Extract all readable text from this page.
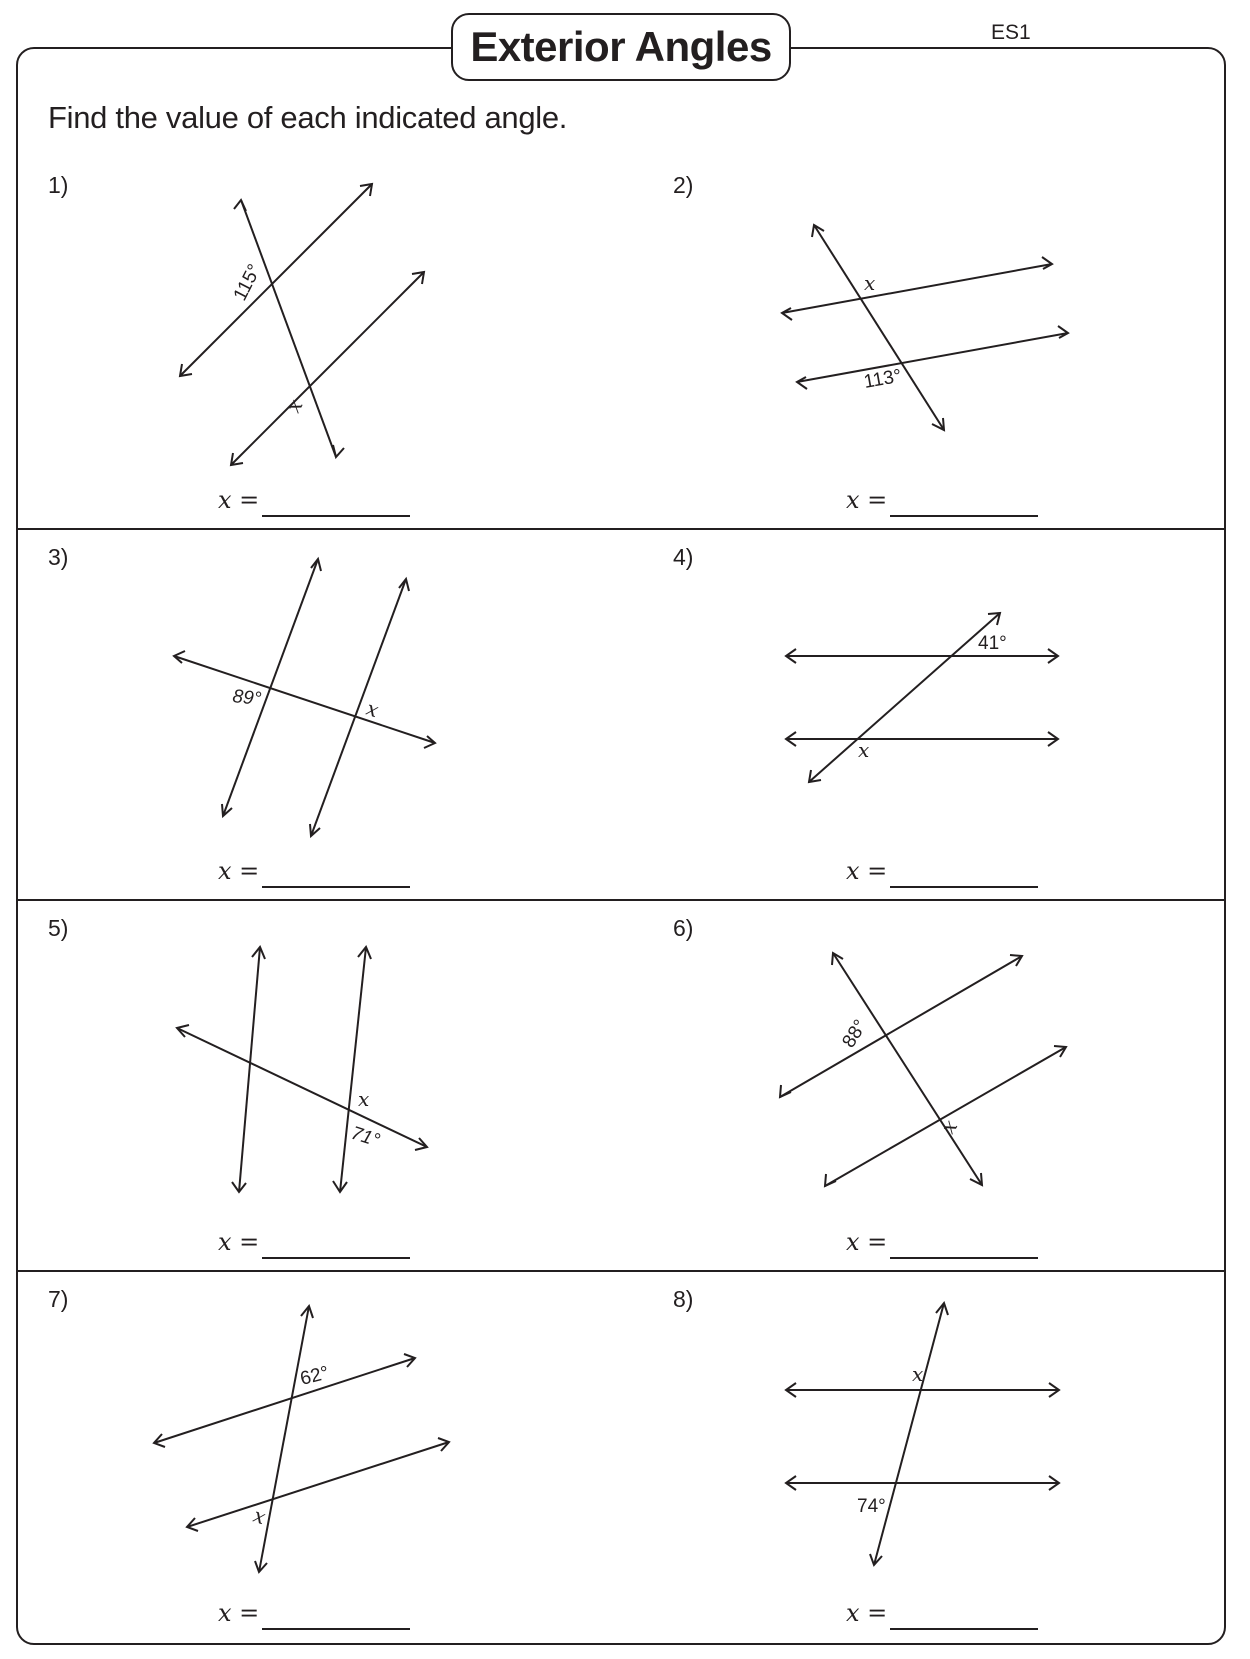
Exterior Angles	ES1
Find the value of each indicated angle.
1)
115°
x
x =
2)
113°
x
x =
3)
89°	x
x =
4)
41°
x
x =
5)
71°
x
x =
6)
88°
x
x =
7)
62°
x
x =
8)
74°
x
x =
